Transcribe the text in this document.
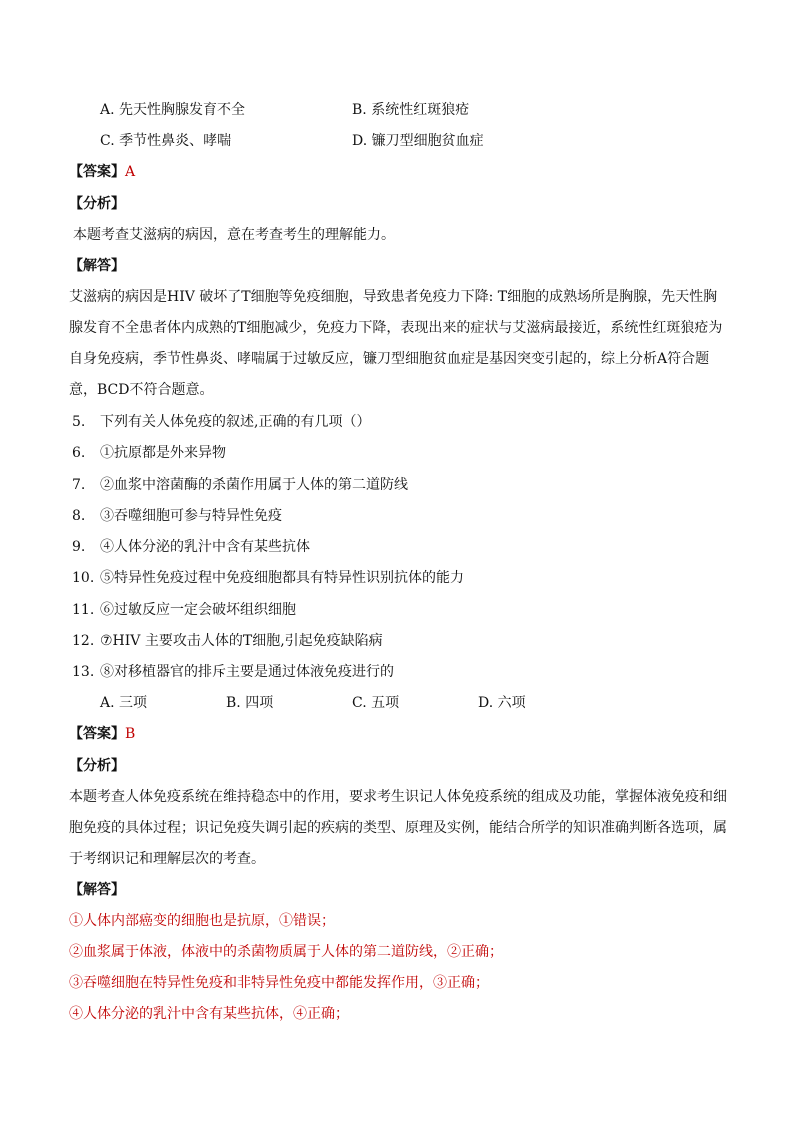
A. 先天性胸腺发育不全	B. 系统性红斑狼疮
C. 季节性鼻炎、哮喘	D. 镰刀型细胞贫血症
【答案】A
【分析】
本题考查艾滋病的病因，意在考查考生的理解能力。
【解答】
艾滋病的病因是HIV 破坏了T细胞等免疫细胞，导致患者免疫力下降: T细胞的成熟场所是胸腺，先天性胸腺发育不全患者体内成熟的T细胞减少，免疫力下降，表现出来的症状与艾滋病最接近，系统性红斑狼疮为自身免疫病，季节性鼻炎、哮喘属于过敏反应，镰刀型细胞贫血症是基因突变引起的，综上分析A符合题意，BCD不符合题意。
5. 下列有关人体免疫的叙述,正确的有几项（）
6. ①抗原都是外来异物
7. ②血浆中溶菌酶的杀菌作用属于人体的第二道防线
8. ③吞噬细胞可参与特异性免疫
9. ④人体分泌的乳汁中含有某些抗体
10. ⑤特异性免疫过程中免疫细胞都具有特异性识别抗体的能力
11. ⑥过敏反应一定会破坏组织细胞
12. ⑦HIV 主要攻击人体的T细胞,引起免疫缺陷病
13. ⑧对移植器官的排斥主要是通过体液免疫进行的
A. 三项	B. 四项	C. 五项	D. 六项
【答案】B
【分析】
本题考查人体免疫系统在维持稳态中的作用，要求考生识记人体免疫系统的组成及功能，掌握体液免疫和细胞免疫的具体过程；识记免疫失调引起的疾病的类型、原理及实例，能结合所学的知识准确判断各选项，属于考纲识记和理解层次的考查。
【解答】
①人体内部癌变的细胞也是抗原，①错误；
②血浆属于体液，体液中的杀菌物质属于人体的第二道防线，②正确；
③吞噬细胞在特异性免疫和非特异性免疫中都能发挥作用，③正确；
④人体分泌的乳汁中含有某些抗体，④正确；
